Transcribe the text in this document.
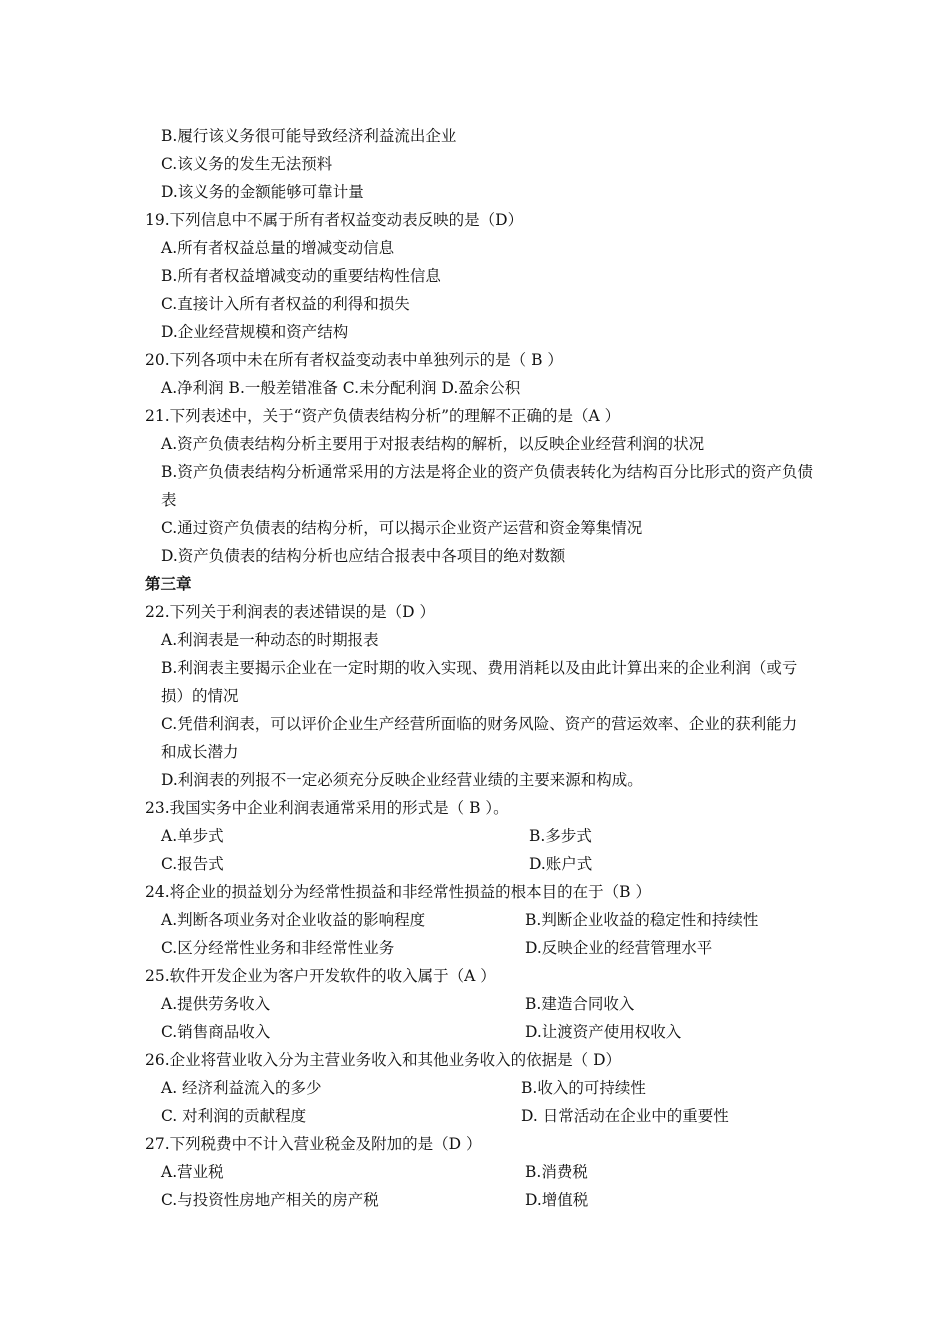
B.履行该义务很可能导致经济利益流出企业
C.该义务的发生无法预料
D.该义务的金额能够可靠计量
19.下列信息中不属于所有者权益变动表反映的是（D）
A.所有者权益总量的增减变动信息
B.所有者权益增减变动的重要结构性信息
C.直接计入所有者权益的利得和损失
D.企业经营规模和资产结构
20.下列各项中未在所有者权益变动表中单独列示的是（ B ）
A.净利润 B.一般差错准备 C.未分配利润 D.盈余公积
21.下列表述中，关于“资产负债表结构分析”的理解不正确的是（A ）
A.资产负债表结构分析主要用于对报表结构的解析，以反映企业经营利润的状况
B.资产负债表结构分析通常采用的方法是将企业的资产负债表转化为结构百分比形式的资产负债表
C.通过资产负债表的结构分析，可以揭示企业资产运营和资金筹集情况
D.资产负债表的结构分析也应结合报表中各项目的绝对数额
第三章
22.下列关于利润表的表述错误的是（D ）
A.利润表是一种动态的时期报表
B.利润表主要揭示企业在一定时期的收入实现、费用消耗以及由此计算出来的企业利润（或亏损）的情况
C.凭借利润表，可以评价企业生产经营所面临的财务风险、资产的营运效率、企业的获利能力和成长潜力
D.利润表的列报不一定必须充分反映企业经营业绩的主要来源和构成。
23.我国实务中企业利润表通常采用的形式是（ B ）。
A.单步式	B.多步式
C.报告式	D.账户式
24.将企业的损益划分为经常性损益和非经常性损益的根本目的在于（B ）
A.判断各项业务对企业收益的影响程度	B.判断企业收益的稳定性和持续性
C.区分经常性业务和非经常性业务	D.反映企业的经营管理水平
25.软件开发企业为客户开发软件的收入属于（A ）
A.提供劳务收入	B.建造合同收入
C.销售商品收入	D.让渡资产使用权收入
26.企业将营业收入分为主营业务收入和其他业务收入的依据是（ D）
A. 经济利益流入的多少	B.收入的可持续性
C. 对利润的贡献程度	D. 日常活动在企业中的重要性
27.下列税费中不计入营业税金及附加的是（D ）
A.营业税	B.消费税
C.与投资性房地产相关的房产税	D.增值税
